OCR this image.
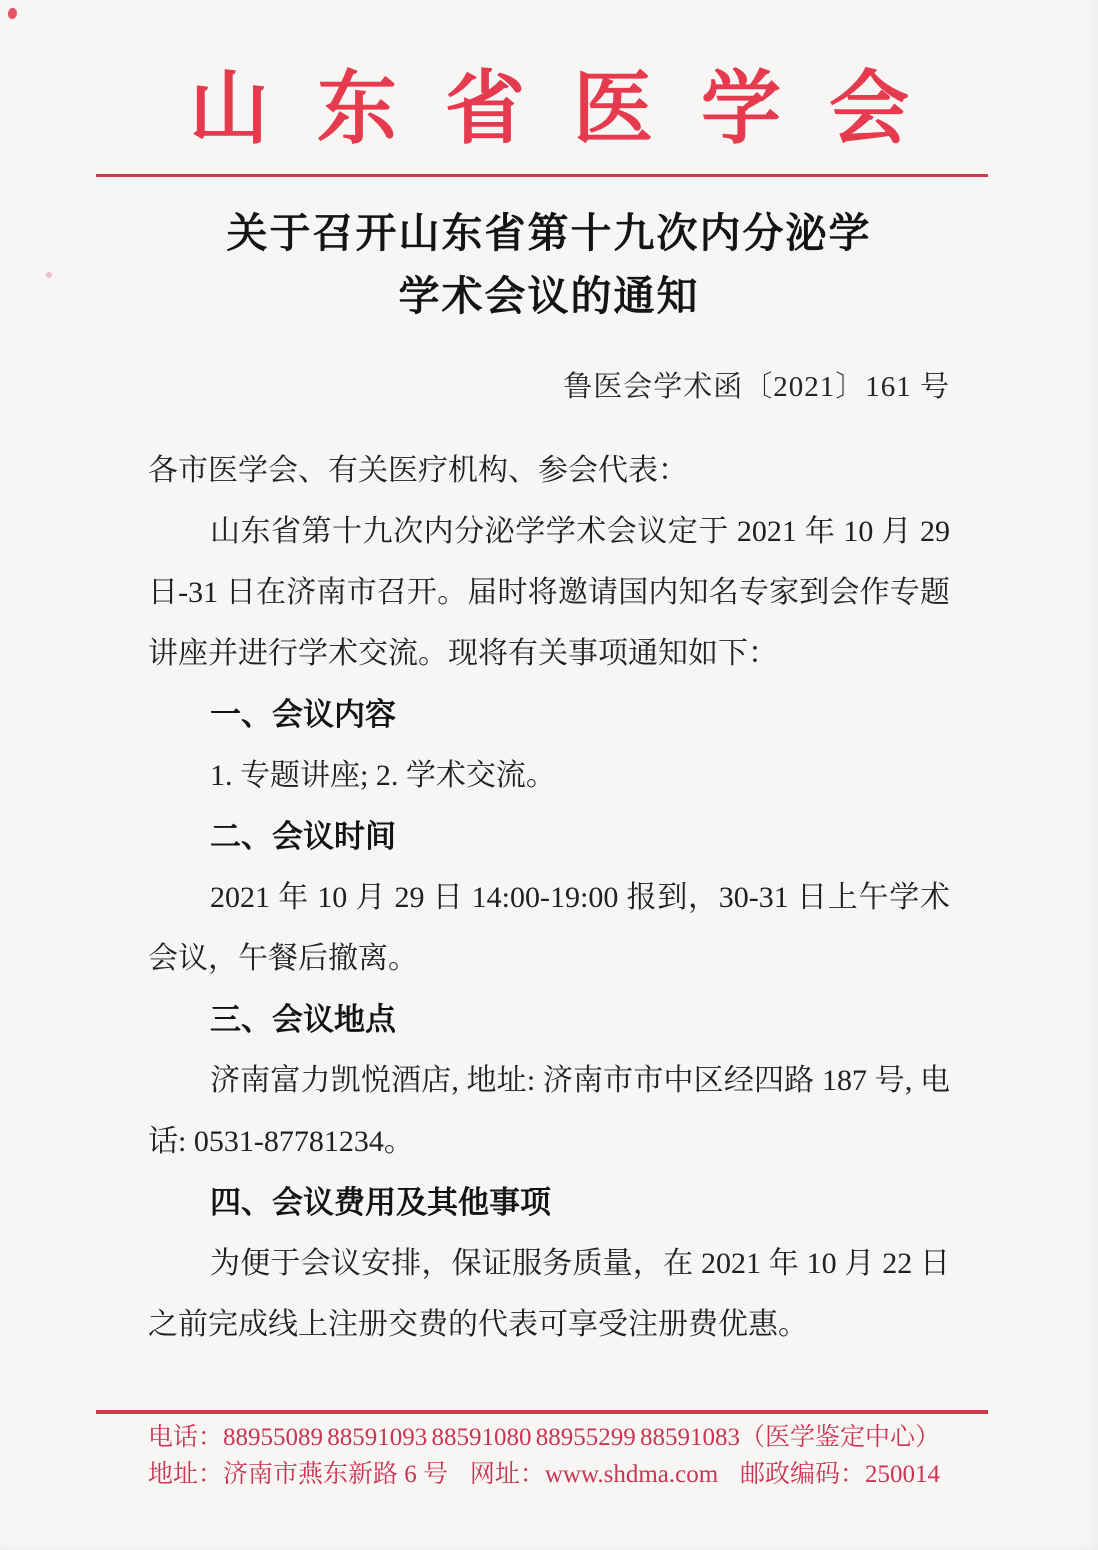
山东省医学会
关于召开山东省第十九次内分泌学
学术会议的通知
鲁医会学术函〔2021〕161 号

各市医学会、有关医疗机构、参会代表：

山东省第十九次内分泌学学术会议定于 2021 年 10 月 29

日-31 日在济南市召开。届时将邀请国内知名专家到会作专题

讲座并进行学术交流。现将有关事项通知如下：

一、会议内容

1. 专题讲座; 2. 学术交流。

二、会议时间

2021 年 10 月 29 日 14:00-19:00 报到，30-31 日上午学术

会议，午餐后撤离。

三、会议地点

济南富力凯悦酒店, 地址: 济南市市中区经四路 187 号, 电

话: 0531-87781234。

四、会议费用及其他事项

为便于会议安排，保证服务质量，在 2021 年 10 月 22 日

之前完成线上注册交费的代表可享受注册费优惠。

电话：88955089 88591093 88591080 88955299 88591083（医学鉴定中心）
地址：济南市燕东新路 6 号 网址：www.shdma.com 邮政编码：250014
